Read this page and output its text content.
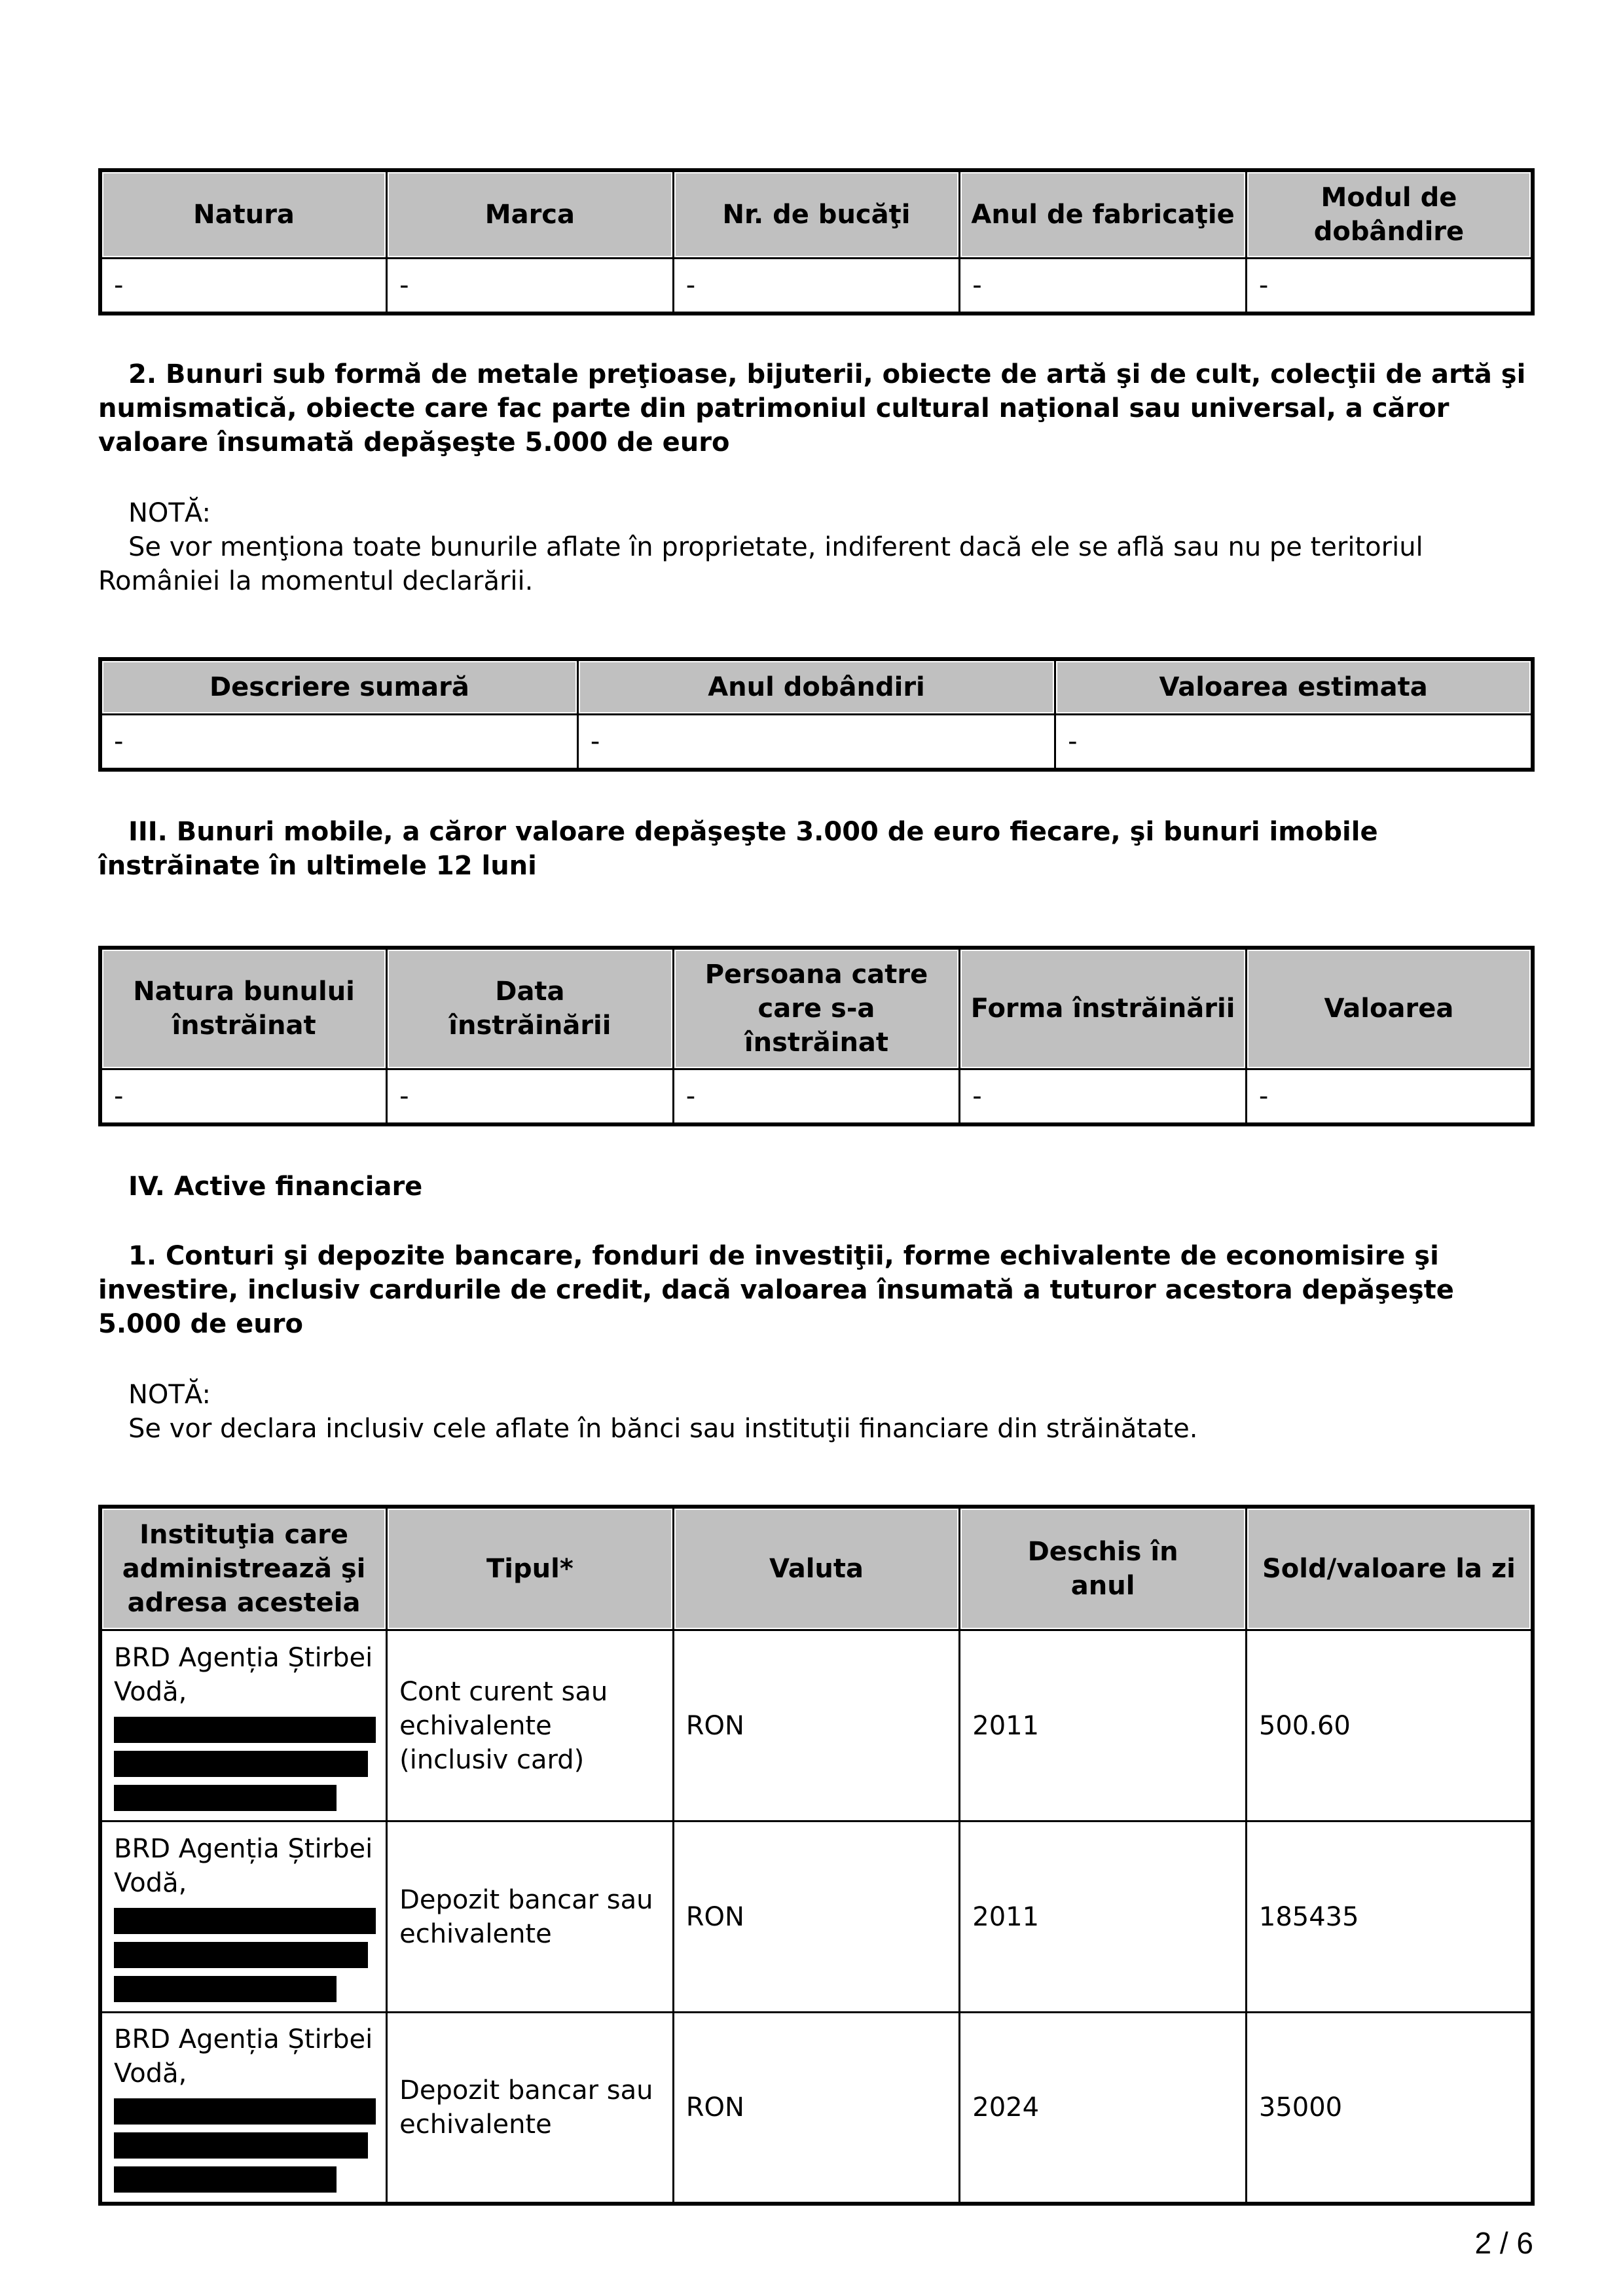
Natura	Marca	Nr. de bucăţi	Anul de fabricaţie	Modul de dobândire
-	-	-	-	-

2. Bunuri sub formă de metale preţioase, bijuterii, obiecte de artă şi de cult, colecţii de artă şi numismatică, obiecte care fac parte din patrimoniul cultural naţional sau universal, a căror valoare însumată depăşeşte 5.000 de euro

NOTĂ:

Se vor menţiona toate bunurile aflate în proprietate, indiferent dacă ele se află sau nu pe teritoriul României la momentul declarării.

Descriere sumară	Anul dobândiri	Valoarea estimata
-	-	-

III. Bunuri mobile, a căror valoare depăşeşte 3.000 de euro fiecare, şi bunuri imobile înstrăinate în ultimele 12 luni

Natura bunului înstrăinat	Data înstrăinării	Persoana catre care s-a înstrăinat	Forma înstrăinării	Valoarea
-	-	-	-	-

IV. Active financiare

1. Conturi şi depozite bancare, fonduri de investiţii, forme echivalente de economisire şi investire, inclusiv cardurile de credit, dacă valoarea însumată a tuturor acestora depăşeşte 5.000 de euro

NOTĂ:

Se vor declara inclusiv cele aflate în bănci sau instituţii financiare din străinătate.

Instituţia care administrează şi adresa acesteia	Tipul*	Valuta	Deschis în anul	Sold/valoare la zi
BRD Agenția Știrbei Vodă,	Cont curent sau echivalente (inclusiv card)	RON	2011	500.60
BRD Agenția Știrbei Vodă,	Depozit bancar sau echivalente	RON	2011	185435
BRD Agenția Știrbei Vodă,	Depozit bancar sau echivalente	RON	2024	35000
2 / 6
